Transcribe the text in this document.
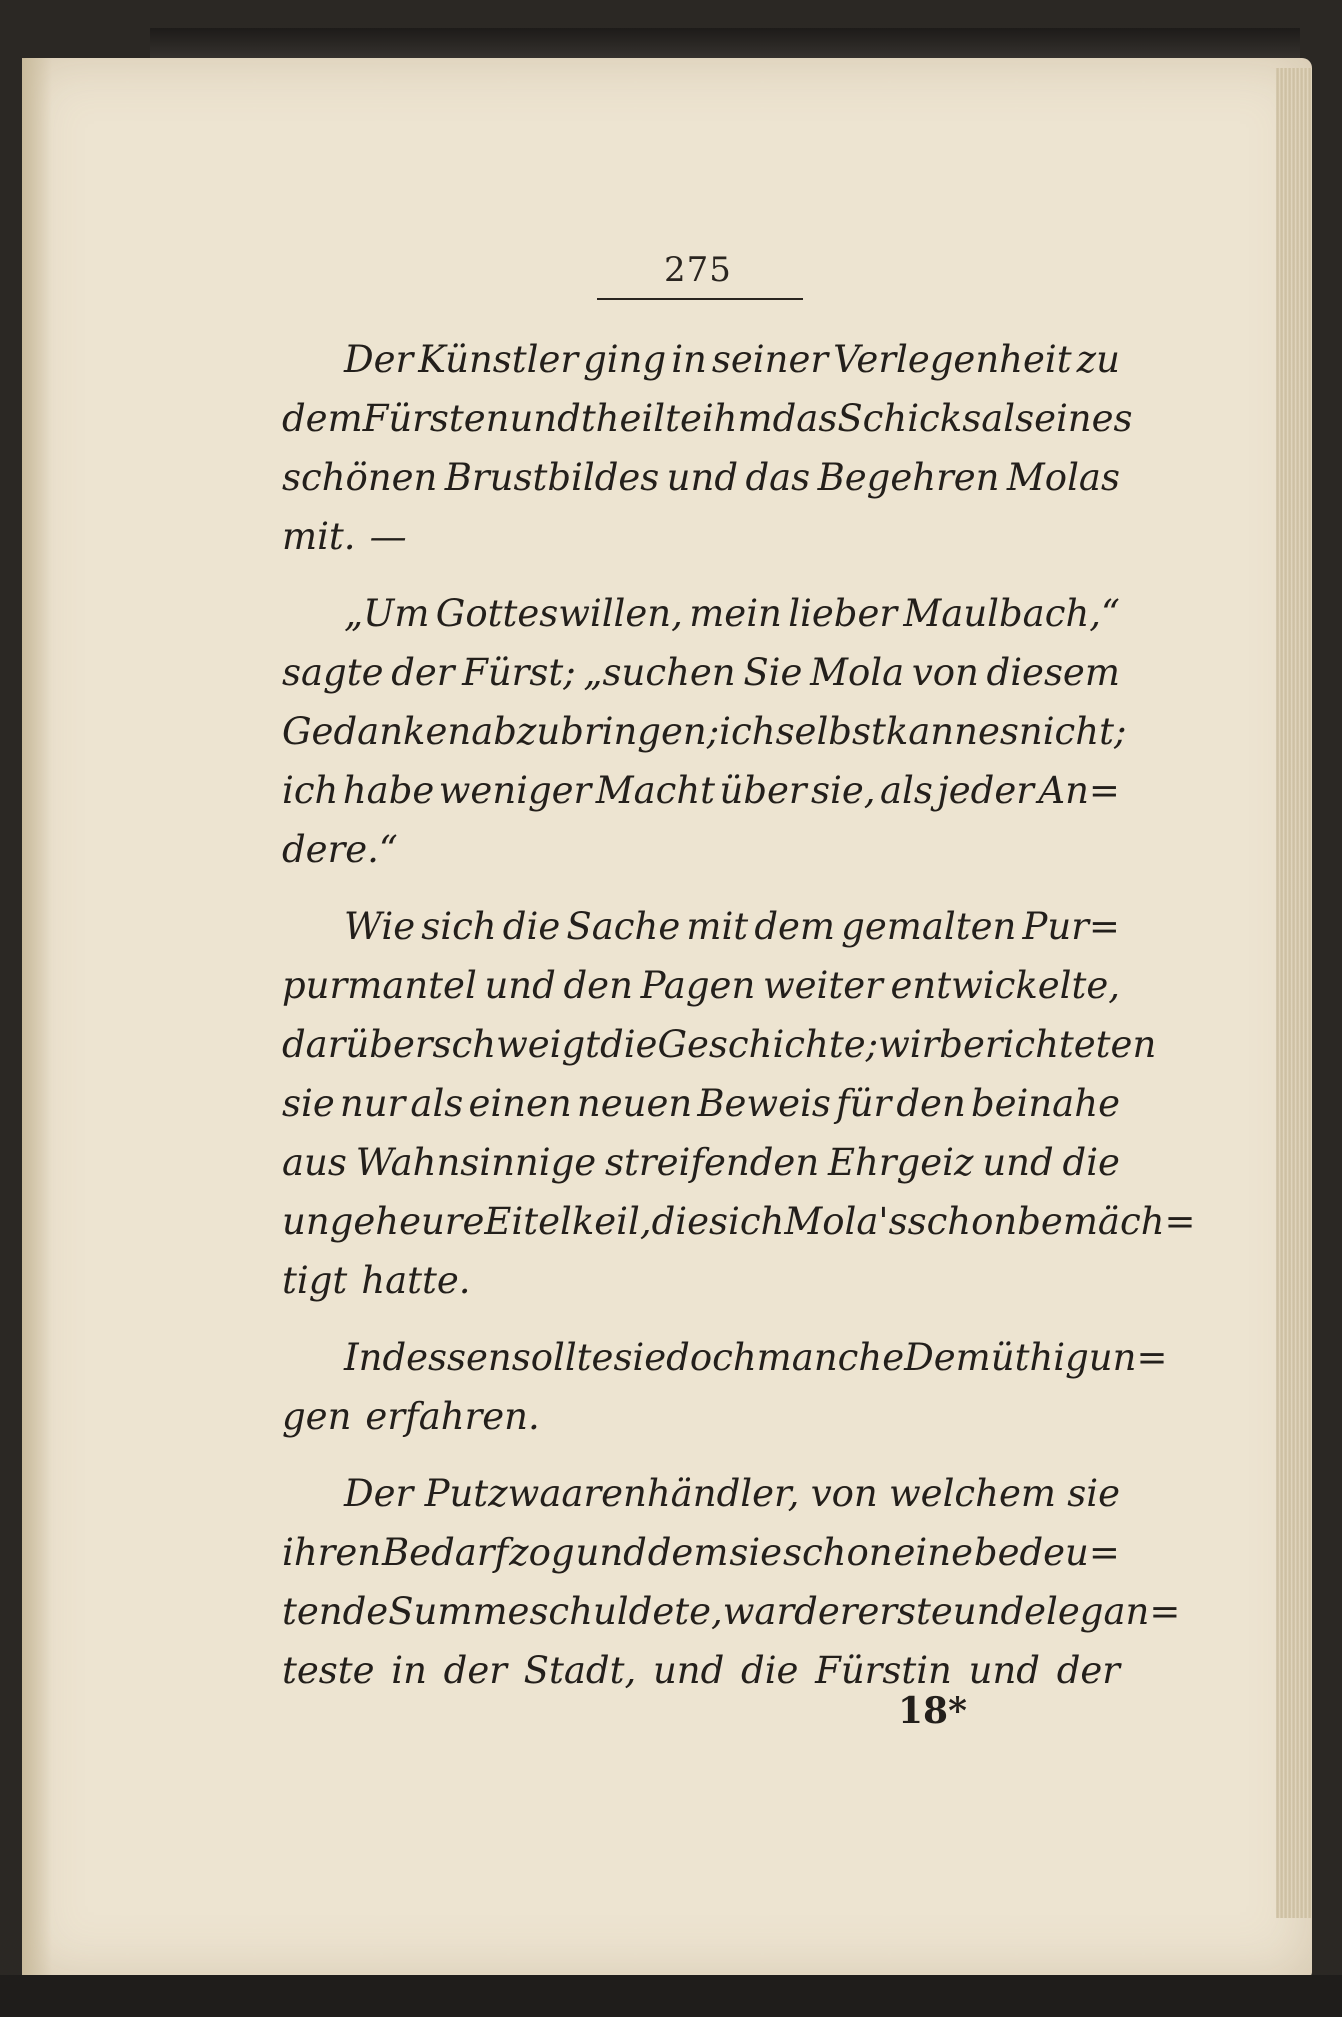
275
Der Künstler ging in seiner Verlegenheit zu
dem Fürsten und theilte ihm das Schicksal seines
schönen Brustbildes und das Begehren Molas
mit. —
„Um Gotteswillen, mein lieber Maulbach,“
sagte der Fürst; „suchen Sie Mola von diesem
Gedanken abzubringen; ich selbst kann es nicht;
ich habe weniger Macht über sie, als jeder An=
dere.“
Wie sich die Sache mit dem gemalten Pur=
purmantel und den Pagen weiter entwickelte,
darüber schweigt die Geschichte; wir berichteten
sie nur als einen neuen Beweis für den beinahe
aus Wahnsinnige streifenden Ehrgeiz und die
ungeheure Eitelkeil, die sich Mola's schon bemäch=
tigt hatte.
Indessen sollte sie doch manche Demüthigun=
gen erfahren.
Der Putzwaarenhändler, von welchem sie
ihren Bedarf zog und dem sie schon eine bedeu=
tende Summe schuldete, war der erste und elegan=
teste in der Stadt, und die Fürstin und der
18*
